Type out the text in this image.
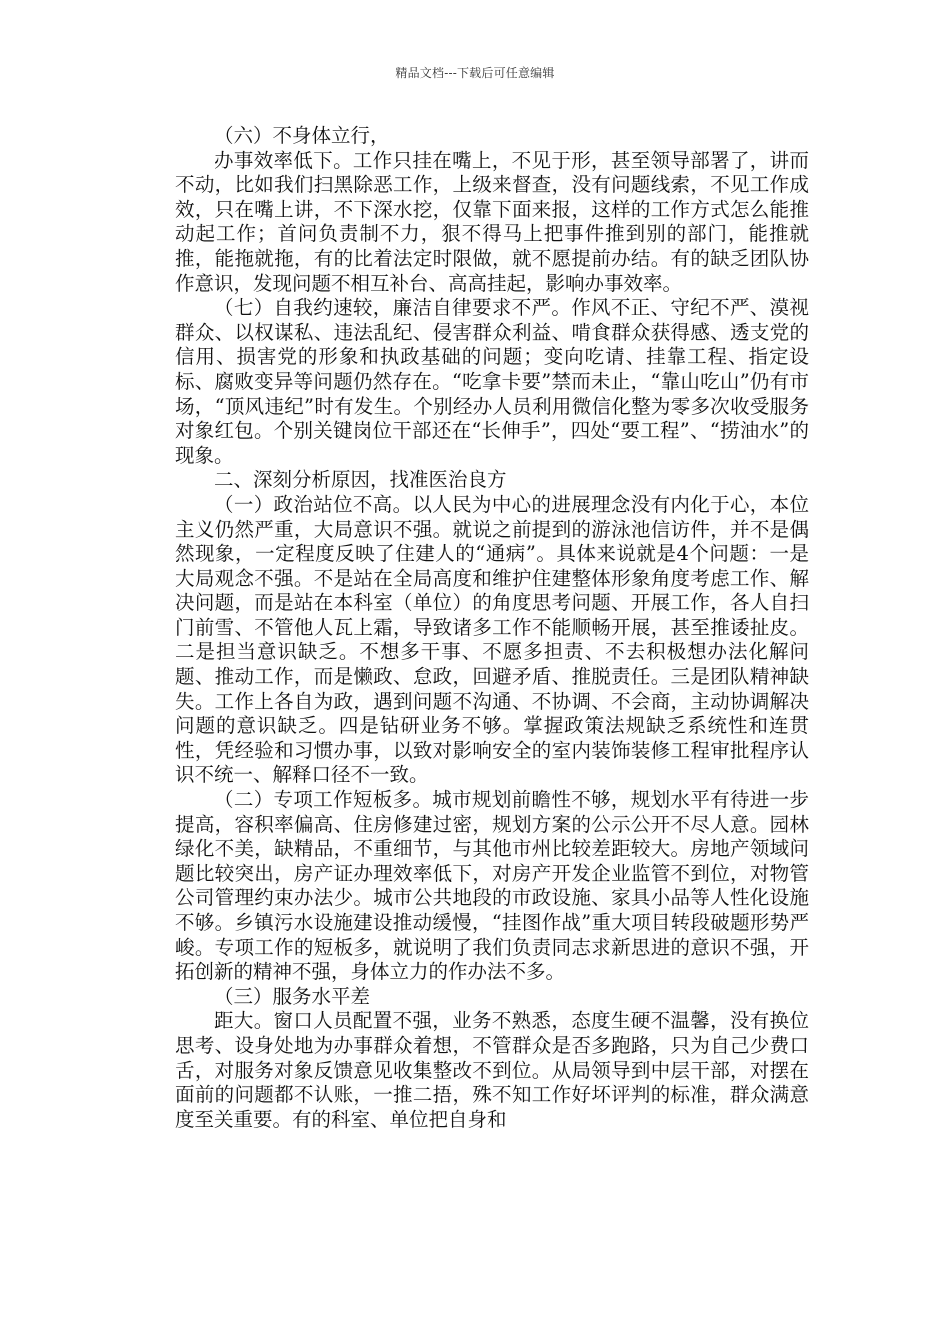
精品文档---下载后可任意编辑

（六）不身体立行，

办事效率低下。工作只挂在嘴上，不见于形，甚至领导部署了，讲而不动，比如我们扫黑除恶工作，上级来督查，没有问题线索，不见工作成效，只在嘴上讲，不下深水挖，仅靠下面来报，这样的工作方式怎么能推动起工作；首问负责制不力，狠不得马上把事件推到别的部门，能推就推，能拖就拖，有的比着法定时限做，就不愿提前办结。有的缺乏团队协作意识，发现问题不相互补台、高高挂起，影响办事效率。

（七）自我约速较，廉洁自律要求不严。作风不正、守纪不严、漠视群众、以权谋私、违法乱纪、侵害群众利益、啃食群众获得感、透支党的信用、损害党的形象和执政基础的问题；变向吃请、挂靠工程、指定设标、腐败变异等问题仍然存在。“吃拿卡要”禁而未止，“靠山吃山”仍有市场，“顶风违纪”时有发生。个别经办人员利用微信化整为零多次收受服务对象红包。个别关键岗位干部还在“长伸手”，四处“要工程”、“捞油水”的现象。

二、深刻分析原因，找准医治良方

（一）政治站位不高。以人民为中心的进展理念没有内化于心，本位主义仍然严重，大局意识不强。就说之前提到的游泳池信访件，并不是偶然现象，一定程度反映了住建人的“通病”。具体来说就是4个问题：一是大局观念不强。不是站在全局高度和维护住建整体形象角度考虑工作、解决问题，而是站在本科室（单位）的角度思考问题、开展工作，各人自扫门前雪、不管他人瓦上霜，导致诸多工作不能顺畅开展，甚至推诿扯皮。二是担当意识缺乏。不想多干事、不愿多担责、不去积极想办法化解问题、推动工作，而是懒政、怠政，回避矛盾、推脱责任。三是团队精神缺失。工作上各自为政，遇到问题不沟通、不协调、不会商，主动协调解决问题的意识缺乏。四是钻研业务不够。掌握政策法规缺乏系统性和连贯性，凭经验和习惯办事，以致对影响安全的室内装饰装修工程审批程序认识不统一、解释口径不一致。

（二）专项工作短板多。城市规划前瞻性不够，规划水平有待进一步提高，容积率偏高、住房修建过密，规划方案的公示公开不尽人意。园林绿化不美，缺精品，不重细节，与其他市州比较差距较大。房地产领域问题比较突出，房产证办理效率低下，对房产开发企业监管不到位，对物管公司管理约束办法少。城市公共地段的市政设施、家具小品等人性化设施不够。乡镇污水设施建设推动缓慢，“挂图作战”重大项目转段破题形势严峻。专项工作的短板多，就说明了我们负责同志求新思进的意识不强，开拓创新的精神不强，身体立力的作办法不多。

（三）服务水平差

距大。窗口人员配置不强，业务不熟悉，态度生硬不温馨，没有换位思考、设身处地为办事群众着想，不管群众是否多跑路，只为自己少费口舌，对服务对象反馈意见收集整改不到位。从局领导到中层干部，对摆在面前的问题都不认账，一推二捂，殊不知工作好坏评判的标准，群众满意度至关重要。有的科室、单位把自身和
